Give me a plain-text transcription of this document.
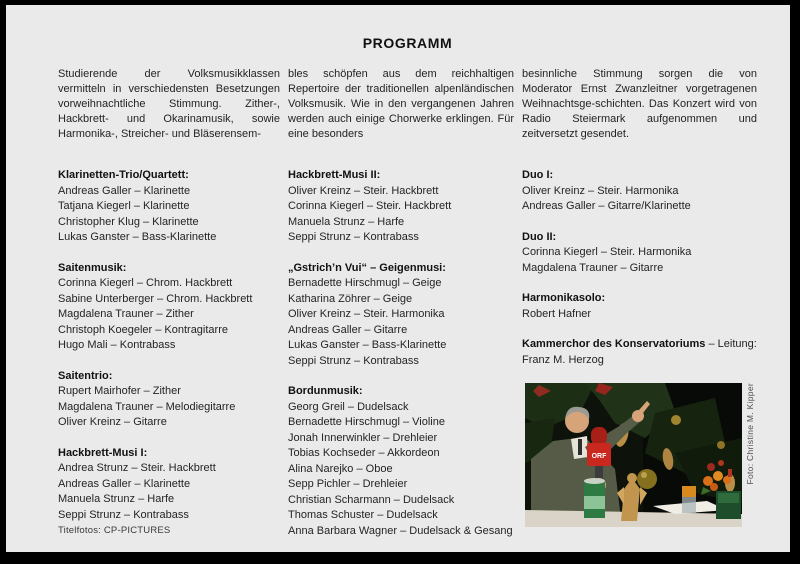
PROGRAMM

Studierende der Volksmusikklassen vermitteln in verschiedensten Besetzungen vorweihnachtliche Stimmung. Zither-, Hackbrett- und Okarinamusik, sowie Harmonika-, Streicher- und Bläserensem-

Klarinetten-Trio/Quartett:
Andreas Galler – Klarinette
Tatjana Kiegerl – Klarinette
Christopher Klug – Klarinette
Lukas Ganster – Bass-Klarinette
Saitenmusik:
Corinna Kiegerl – Chrom. Hackbrett
Sabine Unterberger – Chrom. Hackbrett
Magdalena Trauner – Zither
Christoph Koegeler – Kontragitarre
Hugo Mali – Kontrabass
Saitentrio:
Rupert Mairhofer – Zither
Magdalena Trauner – Melodiegitarre
Oliver Kreinz – Gitarre
Hackbrett-Musi I:
Andrea Strunz – Steir. Hackbrett
Andreas Galler – Klarinette
Manuela Strunz – Harfe
Seppi Strunz – Kontrabass

bles schöpfen aus dem reichhaltigen Repertoire der traditionellen alpenländischen Volksmusik. Wie in den vergangenen Jahren werden auch einige Chorwerke erklingen. Für eine besonders

Hackbrett-Musi II:
Oliver Kreinz – Steir. Hackbrett
Corinna Kiegerl – Steir. Hackbrett
Manuela Strunz – Harfe
Seppi Strunz – Kontrabass
„Gstrich’n Vui“ – Geigenmusi:
Bernadette Hirschmugl – Geige
Katharina Zöhrer – Geige
Oliver Kreinz – Steir. Harmonika
Andreas Galler – Gitarre
Lukas Ganster – Bass-Klarinette
Seppi Strunz – Kontrabass
Bordunmusik:
Georg Greil – Dudelsack
Bernadette Hirschmugl – Violine
Jonah Innerwinkler – Drehleier
Tobias Kochseder – Akkordeon
Alina Narejko – Oboe
Sepp Pichler – Drehleier
Christian Scharmann – Dudelsack
Thomas Schuster – Dudelsack
Anna Barbara Wagner – Dudelsack & Gesang

besinnliche Stimmung sorgen die von Moderator Ernst Zwanzleitner vorgetragenen Weihnachtsge-schichten. Das Konzert wird von Radio Steiermark aufgenommen und zeitversetzt gesendet.

Duo I:
Oliver Kreinz – Steir. Harmonika
Andreas Galler – Gitarre/Klarinette
Duo II:
Corinna Kiegerl – Steir. Harmonika
Magdalena Trauner – Gitarre
Harmonikasolo:
Robert Hafner
Kammerchor des Konservatoriums – Leitung:
Franz M. Herzog
ORF	Foto: Christine M. Kipper
Titelfotos: CP-PICTURES
